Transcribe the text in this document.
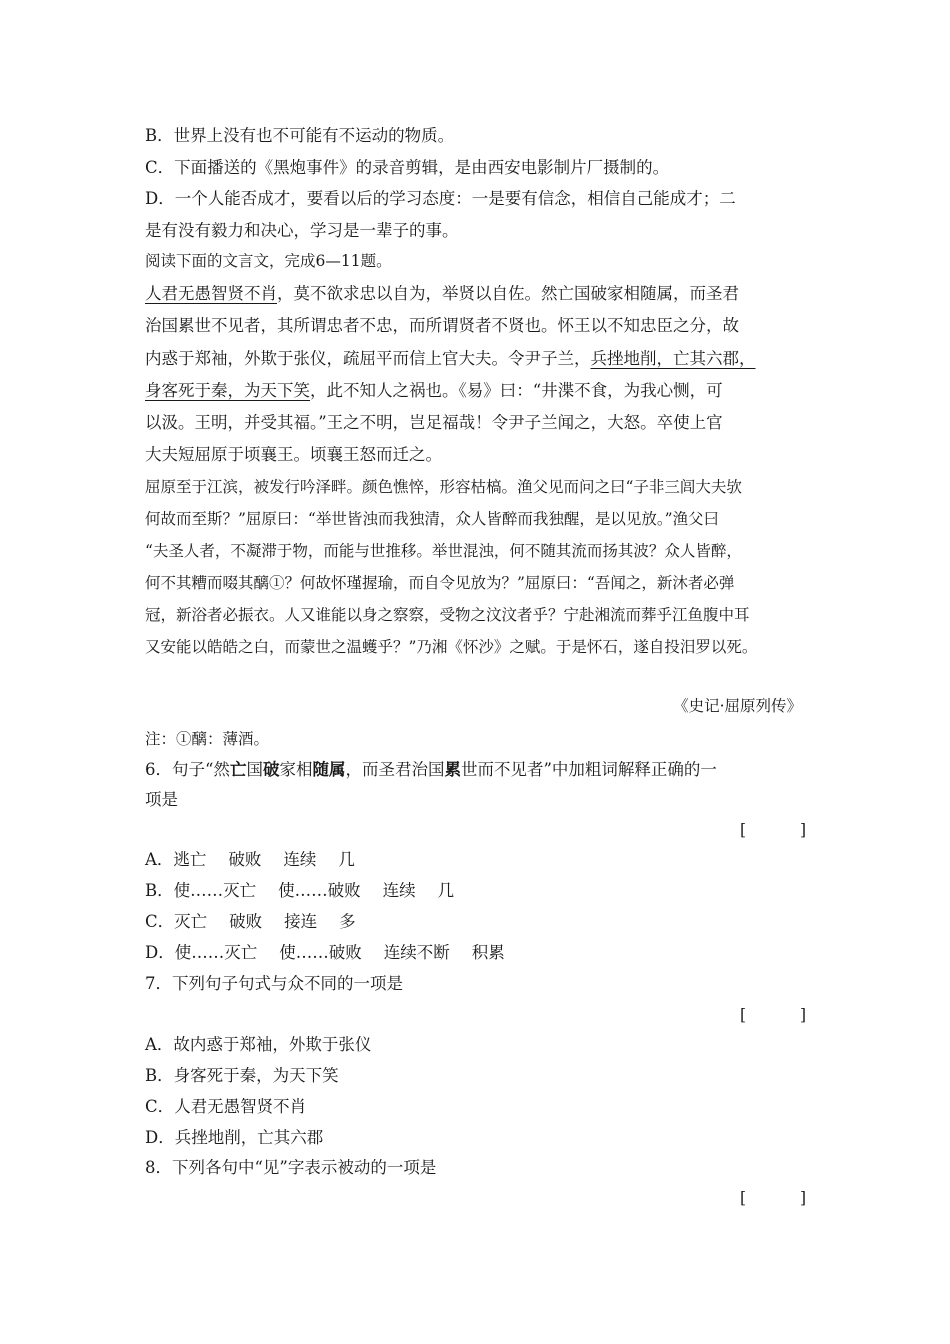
B．世界上没有也不可能有不运动的物质。
C．下面播送的《黑炮事件》的录音剪辑，是由西安电影制片厂摄制的。
D．一个人能否成才，要看以后的学习态度：一是要有信念，相信自己能成才；二
是有没有毅力和决心，学习是一辈子的事。
阅读下面的文言文，完成6—11题。
人君无愚智贤不肖，莫不欲求忠以自为，举贤以自佐。然亡国破家相随属，而圣君
治国累世不见者，其所谓忠者不忠，而所谓贤者不贤也。怀王以不知忠臣之分，故
内惑于郑袖，外欺于张仪，疏屈平而信上官大夫。令尹子兰，兵挫地削，亡其六郡，
身客死于秦，为天下笑，此不知人之祸也。《易》曰：“井渫不食，为我心恻，可
以汲。王明，并受其福。”王之不明，岂足福哉！令尹子兰闻之，大怒。卒使上官
大夫短屈原于顷襄王。顷襄王怒而迁之。
屈原至于江滨，被发行吟泽畔。颜色憔悴，形容枯槁。渔父见而问之曰“子非三闾大夫欤
何故而至斯？”屈原曰：“举世皆浊而我独清，众人皆醉而我独醒，是以见放。”渔父曰
“夫圣人者，不凝滞于物，而能与世推移。举世混浊，何不随其流而扬其波？众人皆醉，
何不其糟而啜其醨①？何故怀瑾握瑜，而自令见放为？”屈原曰：“吾闻之，新沐者必弹
冠，新浴者必振衣。人又谁能以身之察察，受物之汶汶者乎？宁赴湘流而葬乎江鱼腹中耳
又安能以皓皓之白，而蒙世之温蠖乎？”乃湘《怀沙》之赋。于是怀石，遂自投汨罗以死。
《史记·屈原列传》
注：①醨：薄酒。
6．句子“然亡国破家相随属，而圣君治国累世而不见者”中加粗词解释正确的一
项是
[	]
A．逃亡 破败 连续 几
B．使……灭亡 使……破败 连续 几
C．灭亡 破败 接连 多
D．使……灭亡 使……破败 连续不断 积累
7．下列句子句式与众不同的一项是
[	]
A．故内惑于郑袖，外欺于张仪
B．身客死于秦，为天下笑
C．人君无愚智贤不肖
D．兵挫地削，亡其六郡
8．下列各句中“见”字表示被动的一项是
[	]
